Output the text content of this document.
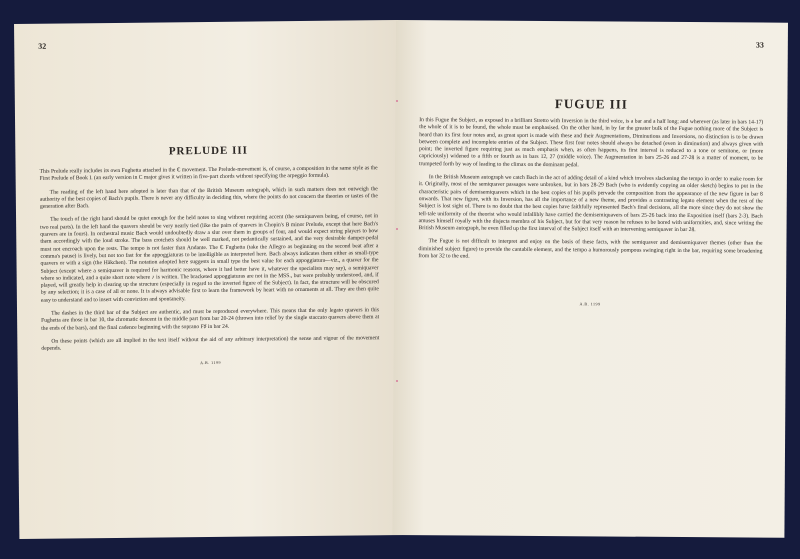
32

PRELUDE III

This Prelude really includes its own Fughetta attached in the ₵ movement. The Prelude-movement is, of course, a composition in the same style as the First Prelude of Book I. (an early version in C major gives it written in five-part chords without specifying the arpeggio formula).

The reading of the left hand here adopted is later than that of the British Museum autograph, which in such matters does not outweigh the authority of the best copies of Bach's pupils. There is never any difficulty in deciding this, where the points do not concern the theories or tastes of the generation after Bach.

The touch of the right hand should be quiet enough for the held notes to sing without requiring accent (the semiquavers being, of course, not in two real parts). In the left hand the quavers should be very nearly tied (like the pairs of quavers in Chopin's B minor Prelude, except that here Bach's quavers are in fours). In orchestral music Bach would undoubtedly draw a slur over them in groups of four, and would expect string players to bow them accordingly with the loud stroke. The bass crotchets should be well marked, not pedantically sustained, and the very desirable damper-pedal must not encroach upon the rests. The tempo is not faster than Andante. The ₵ Fughetta (take the Allegro as beginning on the second beat after a comma's pause) is lively, but not too fast for the appoggiaturas to be intelligible as interpreted here. Bach always indicates them either as small-type quavers or with a sign (the Häkchen). The notation adopted here suggests in small type the best value for each appoggiatura—viz., a quaver for the Subject (except where a semiquaver is required for harmonic reasons, where it had better have it, whatever the specialists may say), a semiquaver where so indicated, and a quite short note where ♪ is written. The bracketed appoggiaturas are not in the MSS., but were probably understood, and, if played, will greatly help in clearing up the structure (especially in regard to the inverted figure of the Subject). In fact, the structure will be obscured by any selection; it is a case of all or none. It is always advisable first to learn the framework by heart with no ornaments at all. They are then quite easy to understand and to insert with conviction and spontaneity.

The dashes in the third bar of the Subject are authentic, and must be reproduced everywhere. This means that the only legato quavers in this Fughetta are those in bar 10, the chromatic descent in the middle part from bar 20-24 (thrown into relief by the single staccato quavers above them at the ends of the bars), and the final cadence beginning with the soprano F♯ in bar 24.

On these points (which are all implied in the text itself without the aid of any arbitrary interpretation) the sense and vigour of the movement depends.

A.B. 1199

33

FUGUE III

In this Fugue the Subject, as exposed in a brilliant Stretto with Inversion in the third voice, is a bar and a half long; and wherever (as later in bars 14-17) the whole of it is to be found, the whole must be emphasised. On the other hand, in by far the greater bulk of the Fugue nothing more of the Subject is heard than its first four notes and, as great sport is made with these and their Augmentations, Diminutions and Inversions, no distinction is to be drawn between complete and incomplete entries of the Subject. These first four notes should always be detached (even in diminution) and always given with point; the inverted figure requiring just as much emphasis when, as often happens, its first interval is reduced to a tone or semitone, or (more capriciously) widened to a fifth or fourth as in bars 12, 27 (middle voice). The Augmentation in bars 25-26 and 27-28 is a matter of moment, to be trumpeted forth by way of leading to the climax on the dominant pedal.

In the British Museum autograph we catch Bach in the act of adding detail of a kind which involves slackening the tempo in order to make room for it. Originally, most of the semiquaver passages were unbroken, but in bars 28-29 Bach (who is evidently copying an older sketch) begins to put in the characteristic pairs of demisemiquavers which in the best copies of his pupils pervade the composition from the appearance of the new figure in bar 8 onwards. That new figure, with its Inversion, has all the importance of a new theme, and provides a contrasting legato element when the rest of the Subject is lost sight of. There is no doubt that the best copies have faithfully represented Bach's final decisions, all the more since they do not show the tell-tale uniformity of the theorist who would infallibly have carried the demisemiquavers of bars 25-26 back into the Exposition itself (bars 2-3). Bach amuses himself royally with the disjecta membra of his Subject, but for that very reason he refuses to be bored with uniformities, and, since writing the British Museum autograph, he even filled up the first interval of the Subject itself with an intervening semiquaver in bar 28.

The Fugue is not difficult to interpret and enjoy on the basis of these facts, with the semiquaver and demisemiquaver themes (other than the diminished subject figure) to provide the cantabile element, and the tempo a humorously pompous swinging right in the bar, requiring some broadening from bar 32 to the end.

A.B. 1199
